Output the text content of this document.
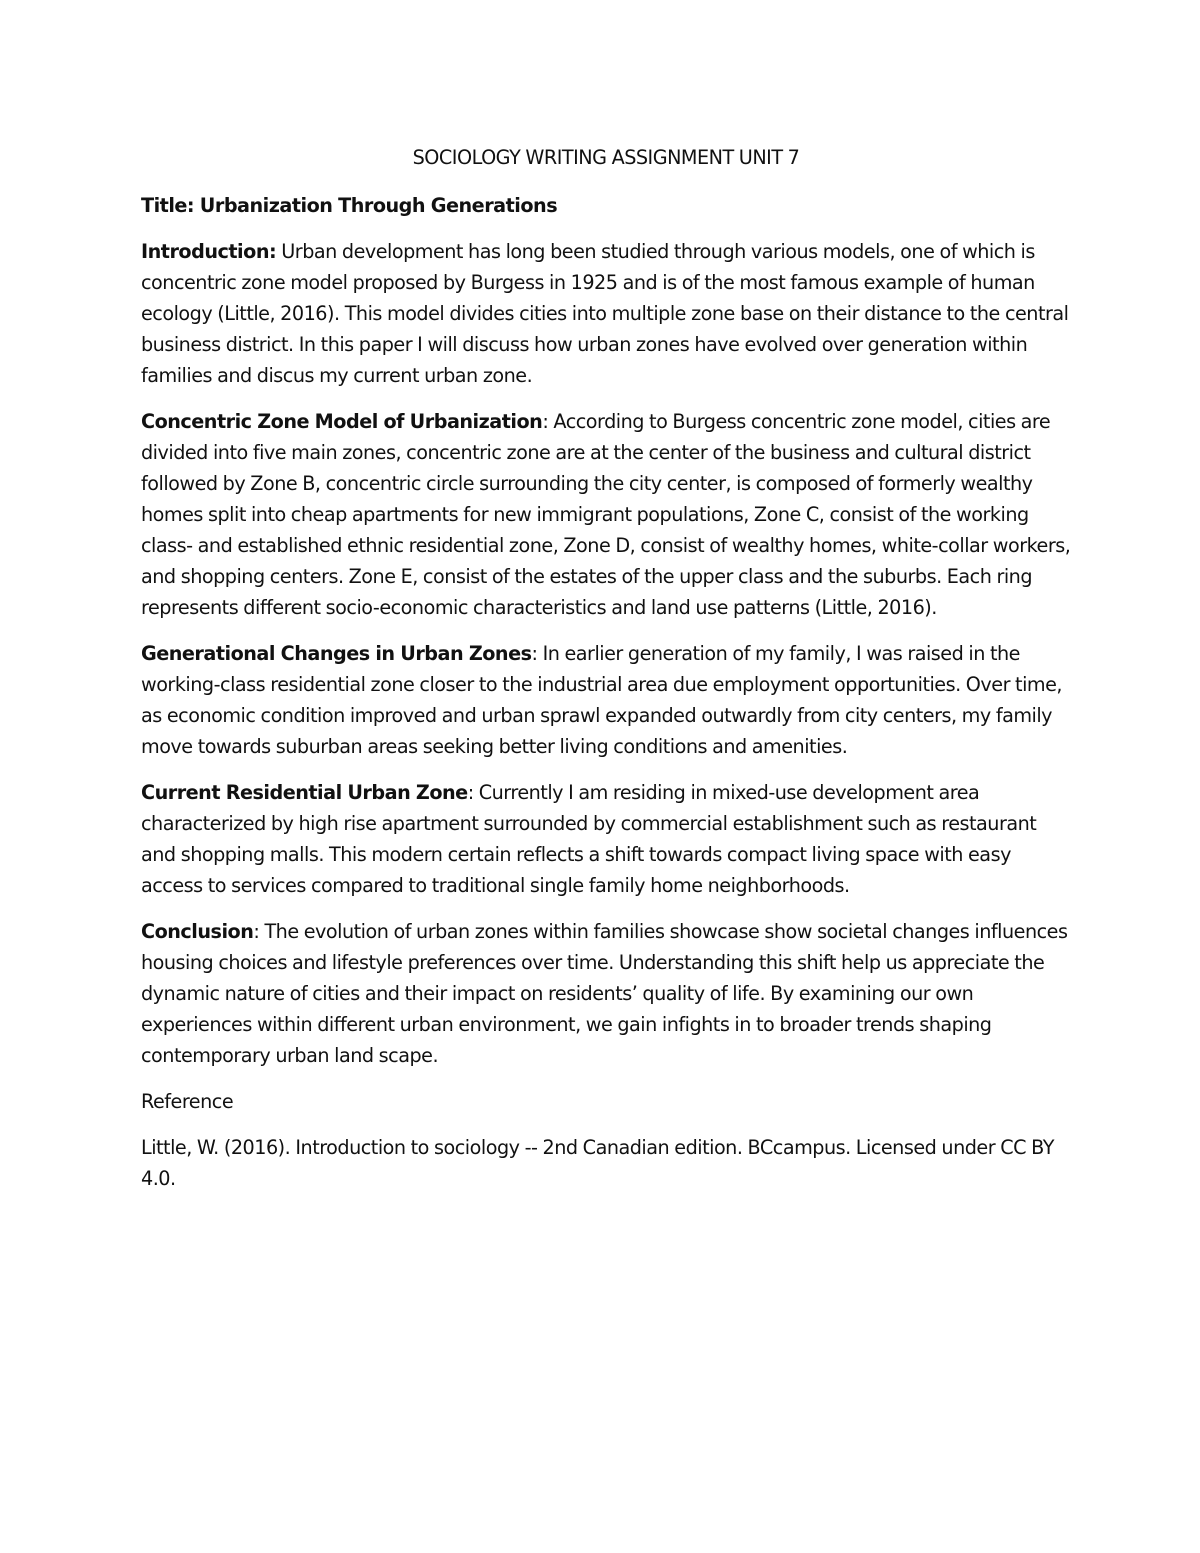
SOCIOLOGY WRITING ASSIGNMENT UNIT 7

Title: Urbanization Through Generations

Introduction: Urban development has long been studied through various models, one of which is concentric zone model proposed by Burgess in 1925 and is of the most famous example of human ecology (Little, 2016). This model divides cities into multiple zone base on their distance to the central business district. In this paper I will discuss how urban zones have evolved over generation within families and discus my current urban zone.

Concentric Zone Model of Urbanization: According to Burgess concentric zone model, cities are divided into five main zones, concentric zone are at the center of the business and cultural district followed by Zone B, concentric circle surrounding the city center, is composed of formerly wealthy homes split into cheap apartments for new immigrant populations, Zone C, consist of the working class- and established ethnic residential zone, Zone D, consist of wealthy homes, white-collar workers, and shopping centers. Zone E, consist of the estates of the upper class and the suburbs. Each ring represents different socio-economic characteristics and land use patterns (Little, 2016).

Generational Changes in Urban Zones: In earlier generation of my family, I was raised in the working-class residential zone closer to the industrial area due employment opportunities. Over time, as economic condition improved and urban sprawl expanded outwardly from city centers, my family move towards suburban areas seeking better living conditions and amenities.

Current Residential Urban Zone: Currently I am residing in mixed-use development area characterized by high rise apartment surrounded by commercial establishment such as restaurant and shopping malls. This modern certain reflects a shift towards compact living space with easy access to services compared to traditional single family home neighborhoods.

Conclusion: The evolution of urban zones within families showcase show societal changes influences housing choices and lifestyle preferences over time. Understanding this shift help us appreciate the dynamic nature of cities and their impact on residents’ quality of life. By examining our own experiences within different urban environment, we gain infights in to broader trends shaping contemporary urban land scape.

Reference

Little, W. (2016). Introduction to sociology -- 2nd Canadian edition. BCcampus. Licensed under CC BY 4.0.
